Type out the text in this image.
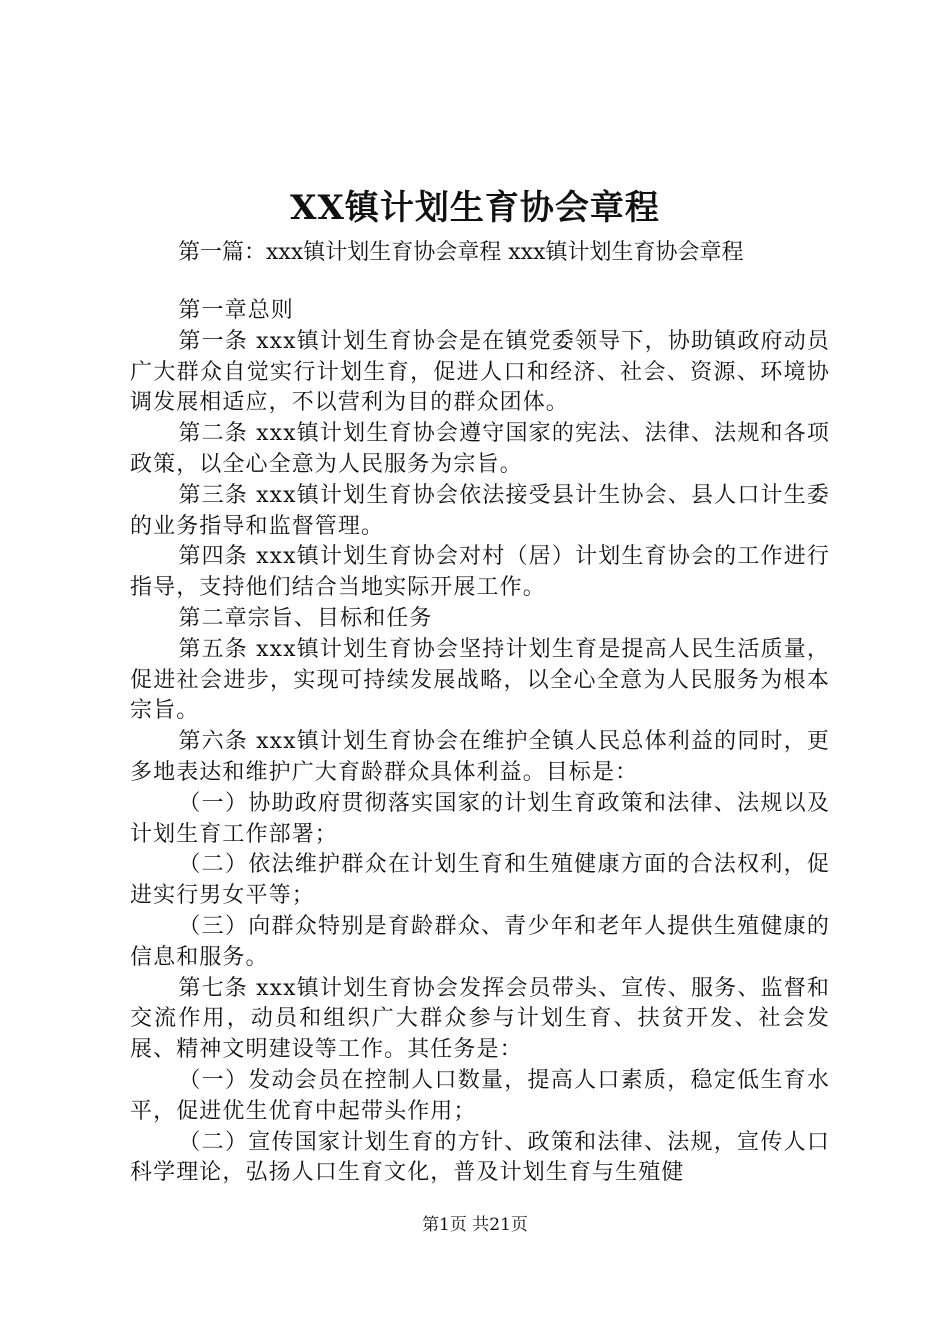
XX镇计划生育协会章程
第一篇：xxx镇计划生育协会章程 xxx镇计划生育协会章程

第一章总则

第一条 xxx镇计划生育协会是在镇党委领导下，协助镇政府动员广大群众自觉实行计划生育，促进人口和经济、社会、资源、环境协调发展相适应，不以营利为目的群众团体。

第二条 xxx镇计划生育协会遵守国家的宪法、法律、法规和各项政策，以全心全意为人民服务为宗旨。

第三条 xxx镇计划生育协会依法接受县计生协会、县人口计生委的业务指导和监督管理。

第四条 xxx镇计划生育协会对村（居）计划生育协会的工作进行指导，支持他们结合当地实际开展工作。

第二章宗旨、目标和任务

第五条 xxx镇计划生育协会坚持计划生育是提高人民生活质量，促进社会进步，实现可持续发展战略，以全心全意为人民服务为根本宗旨。

第六条 xxx镇计划生育协会在维护全镇人民总体利益的同时，更多地表达和维护广大育龄群众具体利益。目标是：

（一）协助政府贯彻落实国家的计划生育政策和法律、法规以及计划生育工作部署；

（二）依法维护群众在计划生育和生殖健康方面的合法权利，促进实行男女平等；

（三）向群众特别是育龄群众、青少年和老年人提供生殖健康的信息和服务。

第七条 xxx镇计划生育协会发挥会员带头、宣传、服务、监督和交流作用，动员和组织广大群众参与计划生育、扶贫开发、社会发展、精神文明建设等工作。其任务是：

（一）发动会员在控制人口数量，提高人口素质，稳定低生育水平，促进优生优育中起带头作用；

（二）宣传国家计划生育的方针、政策和法律、法规，宣传人口科学理论，弘扬人口生育文化，普及计划生育与生殖健

第1页 共21页
